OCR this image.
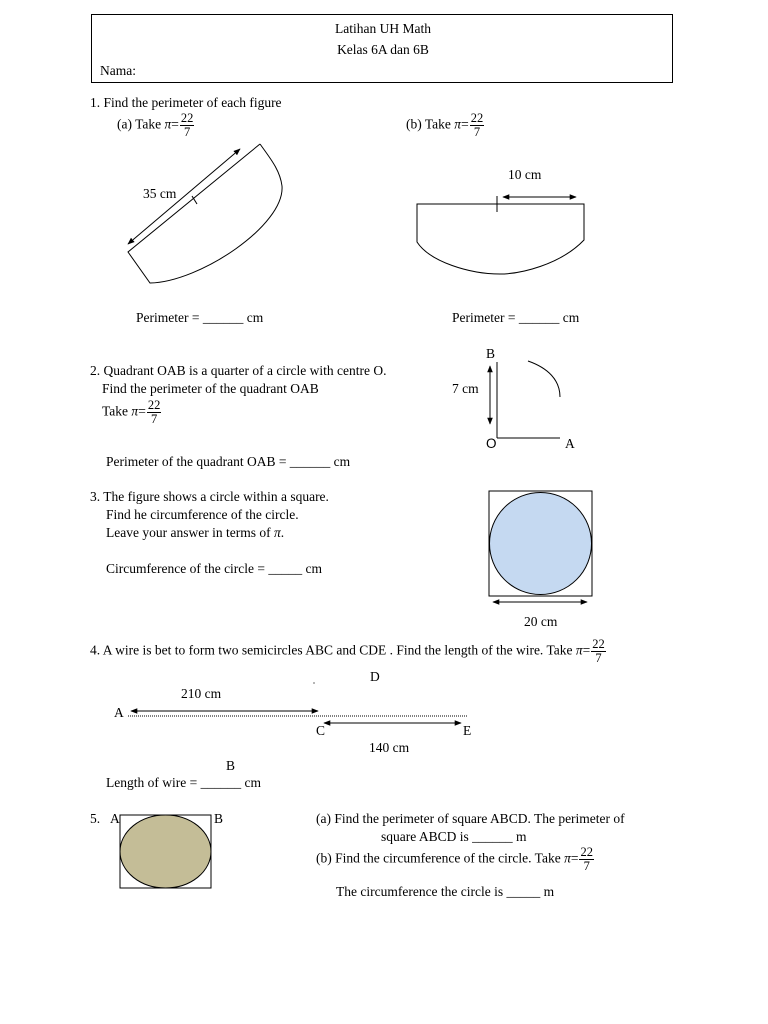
Latihan UH Math
Kelas 6A dan 6B
Nama:
1. Find the perimeter of each figure
(a) Take $\pi= \frac{22}{7}$	(b) Take $\pi= \frac{22}{7}$
35 cm
10 cm
Perimeter = ______ cm	Perimeter = ______ cm
2. Quadrant OAB is a quarter of a circle with centre O.
Find the perimeter of the quadrant OAB
Take $\pi= \frac{22}{7}$
Perimeter of the quadrant OAB = ______ cm
B
7 cm
O	A
3. The figure shows a circle within a square.
Find he circumference of the circle.
Leave your answer in terms of π.
Circumference of the circle = _____ cm
20 cm
4. A wire is bet to form two semicircles ABC and CDE . Find the length of the wire. Take $\pi= \frac{22}{7}$
D
210 cm
A
C	E
140 cm
B
Length of wire = ______ cm
5. A	B	(a) Find the perimeter of square ABCD. The perimeter of
square ABCD is ______ m
(b) Find the circumference of the circle. Take $\pi= \frac{22}{7}$
The circumference the circle is _____ m
